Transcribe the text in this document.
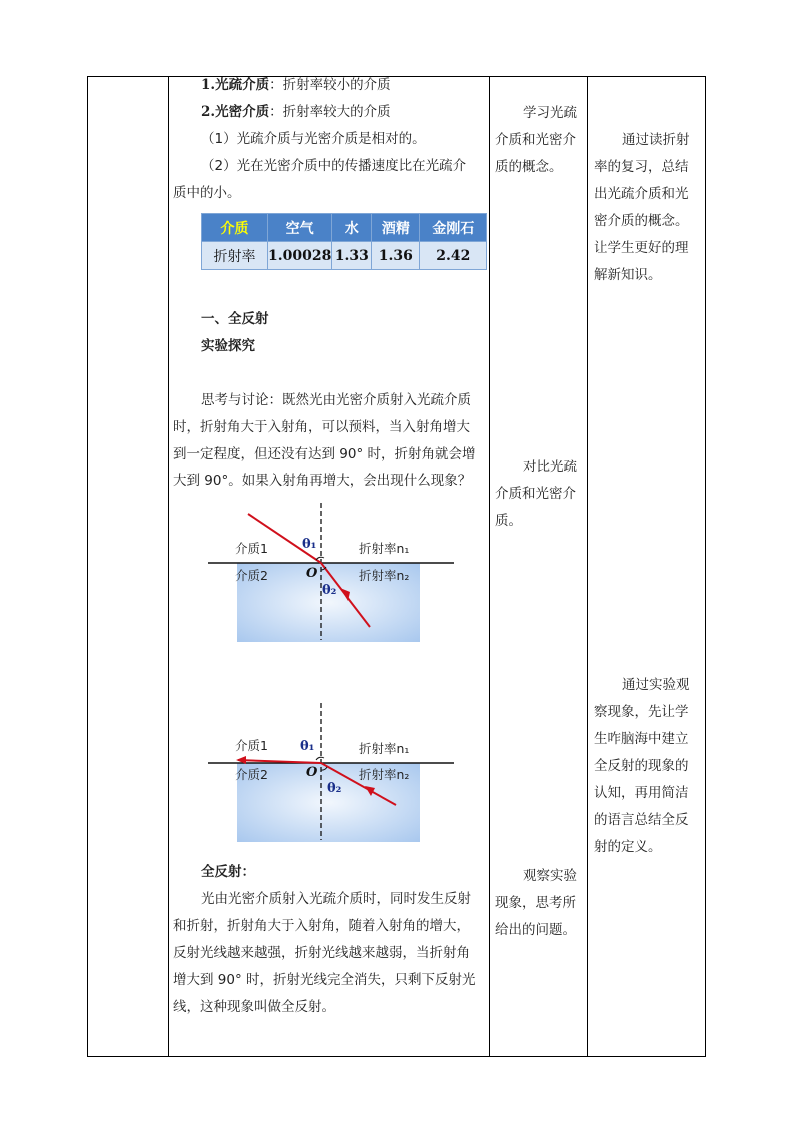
1.光疏介质：折射率较小的介质
2.光密介质：折射率较大的介质
（1）光疏介质与光密介质是相对的。
（2）光在光密介质中的传播速度比在光疏介
质中的小。
介质	空气	水	酒精	金刚石
折射率	1.00028	1.33	1.36	2.42
一、全反射
实验探究
思考与讨论：既然光由光密介质射入光疏介质
时，折射角大于入射角，可以预料，当入射角增大
到一定程度，但还没有达到 90° 时，折射角就会增
大到 90°。如果入射角再增大，会出现什么现象？
介质1
介质2
折射率n₁
折射率n₂
θ₁
θ₂
O
介质1
介质2
折射率n₁
折射率n₂
θ₁
θ₂
O
全反射：
光由光密介质射入光疏介质时，同时发生反射
和折射，折射角大于入射角，随着入射角的增大，
反射光线越来越强，折射光线越来越弱，当折射角
增大到 90° 时，折射光线完全消失，只剩下反射光
线，这种现象叫做全反射。
学习光疏
介质和光密介
质的概念。
对比光疏
介质和光密介
质。
观察实验
现象，思考所
给出的问题。
通过读折射
率的复习，总结
出光疏介质和光
密介质的概念。
让学生更好的理
解新知识。
通过实验观
察现象，先让学
生咋脑海中建立
全反射的现象的
认知，再用简洁
的语言总结全反
射的定义。
